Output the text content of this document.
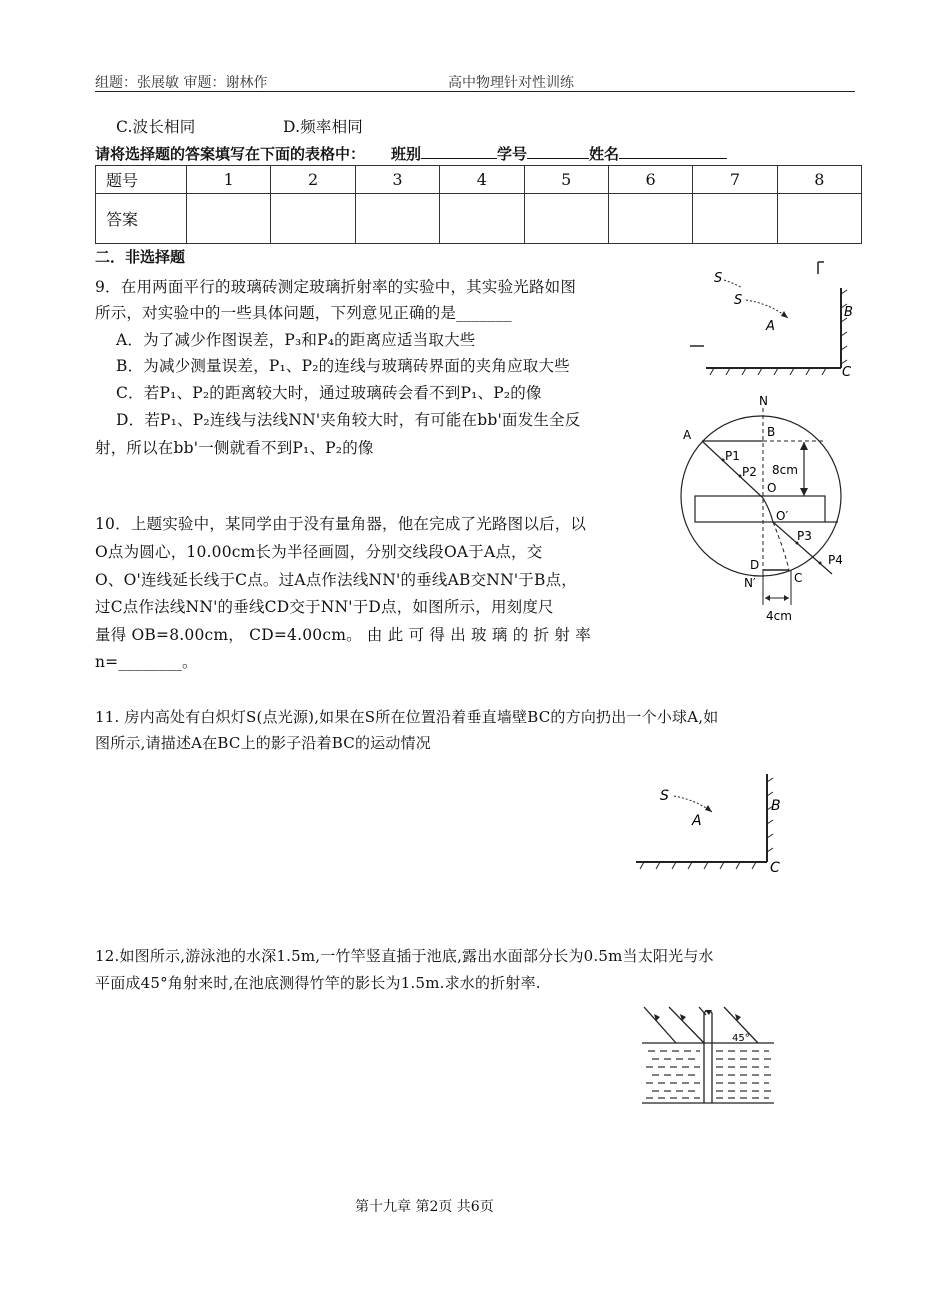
组题：张展敏 审题：谢林作	高中物理针对性训练
C.波长相同	D.频率相同
请将选择题的答案填写在下面的表格中： 班别	学号	姓名
题号	1	2	3	4	5	6	7	8
答案								
二．非选择题
9．在用两面平行的玻璃砖测定玻璃折射率的实验中，其实验光路如图
所示，对实验中的一些具体问题，下列意见正确的是_______
A．为了减少作图误差，P₃和P₄的距离应适当取大些
B．为减少测量误差，P₁、P₂的连线与玻璃砖界面的夹角应取大些
C．若P₁、P₂的距离较大时，通过玻璃砖会看不到P₁、P₂的像
D．若P₁、P₂连线与法线NN'夹角较大时，有可能在bb'面发生全反
射，所以在bb'一侧就看不到P₁、P₂的像
10．上题实验中，某同学由于没有量角器，他在完成了光路图以后，以
O点为圆心，10.00cm长为半径画圆，分别交线段OA于A点，交
O、O'连线延长线于C点。过A点作法线NN'的垂线AB交NN'于B点，
过C点作法线NN'的垂线CD交于NN'于D点，如图所示，用刻度尺
量得 OB=8.00cm， CD=4.00cm。 由 此 可 得 出 玻 璃 的 折 射 率
n=________。
11. 房内高处有白炽灯S(点光源),如果在S所在位置沿着垂直墙壁BC的方向扔出一个小球A,如
图所示,请描述A在BC上的影子沿着BC的运动情况
12.如图所示,游泳池的水深1.5m,一竹竿竖直插于池底,露出水面部分长为0.5m当太阳光与水
平面成45°角射来时,在池底测得竹竿的影长为1.5m.求水的折射率.
S
S
A
B
C
N
A	B
P1
P2 8cm
O
O′
P3
P4
D
N′	C
4cm
S
A
B
C
45°
第十九章 第2页 共6页
